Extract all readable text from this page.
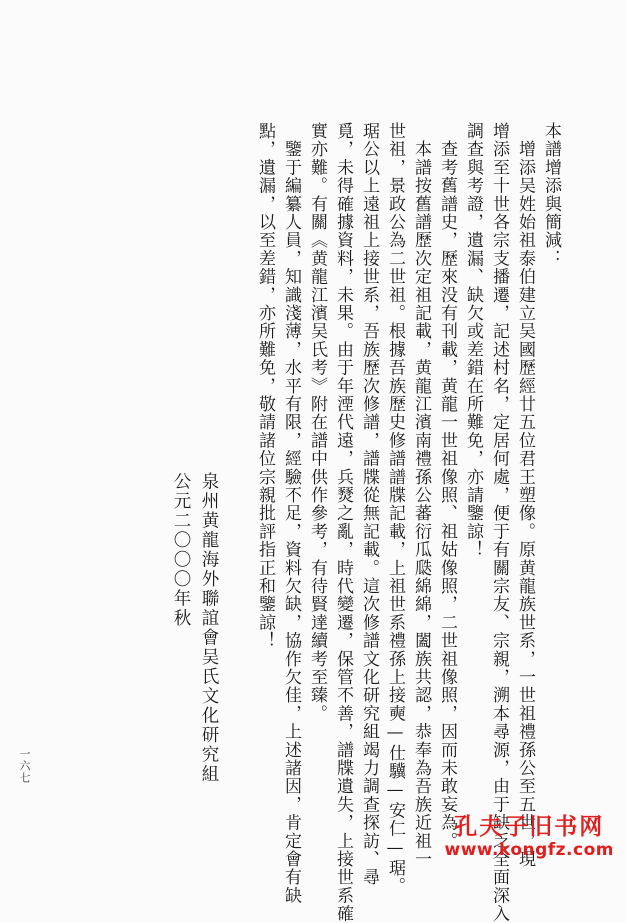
本譜增添與簡減：
　增添吴姓始祖泰伯建立吴國歷經廿五位君王塑像。原黄龍族世系，一世祖禮孫公至五世，現
增添至十世各宗支播遷，記述村名，定居何處，便于有關宗友、宗親，溯本尋源，由于缺乏全面深入
調查與考證，遺漏、缺欠或差錯在所難免，亦請鑒諒！
　查考舊譜史，歷來没有刊載，黄龍一世祖像照、祖姑像照，二世祖像照，因而未敢妄為。
　本譜按舊譜歷次定祖記載，黄龍江濱南禮孫公蕃衍瓜瓞綿綿，闔族共認，恭奉為吾族近祖一
世祖，景政公為二世祖。根據吾族歷史修譜譜牒記載，上祖世系禮孫上接奭—仕驥—安仁—琚。
琚公以上遠祖上接世系，吾族歷次修譜，譜牒從無記載。這次修譜文化研究組竭力調查探訪、尋
覓，未得確據資料，未果。由于年湮代遠，兵燹之亂，時代變遷，保管不善，譜牒遺失，上接世系確
實亦難。有關《黄龍江濱吴氏考》附在譜中供作參考，有待賢達續考至臻。
　鑒于編纂人員，知識淺薄，水平有限，經驗不足，資料欠缺，協作欠佳，上述諸因，肯定會有缺
點，遺漏，以至差錯，亦所難免，敬請諸位宗親批評指正和鑒諒！
泉州黄龍海外聯誼會吴氏文化研究組
公元二〇〇〇年秋
一六七
孔夫子旧书网
www.kongfz.com
